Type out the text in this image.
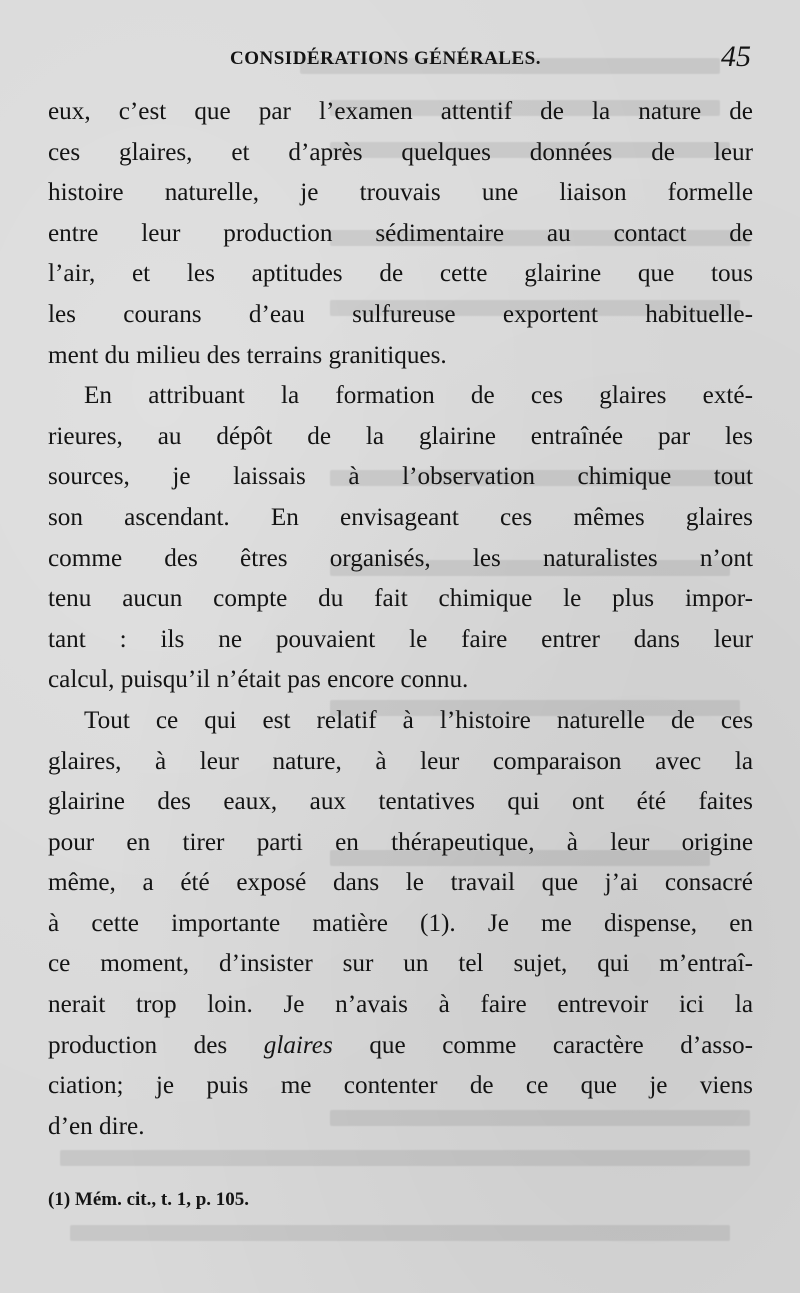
CONSIDÉRATIONS GÉNÉRALES.	45
eux, c’est que par l’examen attentif de la nature de
ces glaires, et d’après quelques données de leur
histoire naturelle, je trouvais une liaison formelle
entre leur production sédimentaire au contact de
l’air, et les aptitudes de cette glairine que tous
les courans d’eau sulfureuse exportent habituelle-
ment du milieu des terrains granitiques.
En attribuant la formation de ces glaires exté-
rieures, au dépôt de la glairine entraînée par les
sources, je laissais à l’observation chimique tout
son ascendant. En envisageant ces mêmes glaires
comme des êtres organisés, les naturalistes n’ont
tenu aucun compte du fait chimique le plus impor-
tant : ils ne pouvaient le faire entrer dans leur
calcul, puisqu’il n’était pas encore connu.
Tout ce qui est relatif à l’histoire naturelle de ces
glaires, à leur nature, à leur comparaison avec la
glairine des eaux, aux tentatives qui ont été faites
pour en tirer parti en thérapeutique, à leur origine
même, a été exposé dans le travail que j’ai consacré
à cette importante matière (1). Je me dispense, en
ce moment, d’insister sur un tel sujet, qui m’entraî-
nerait trop loin. Je n’avais à faire entrevoir ici la
production des glaires que comme caractère d’asso-
ciation; je puis me contenter de ce que je viens
d’en dire.
(1) Mém. cit., t. 1, p. 105.
